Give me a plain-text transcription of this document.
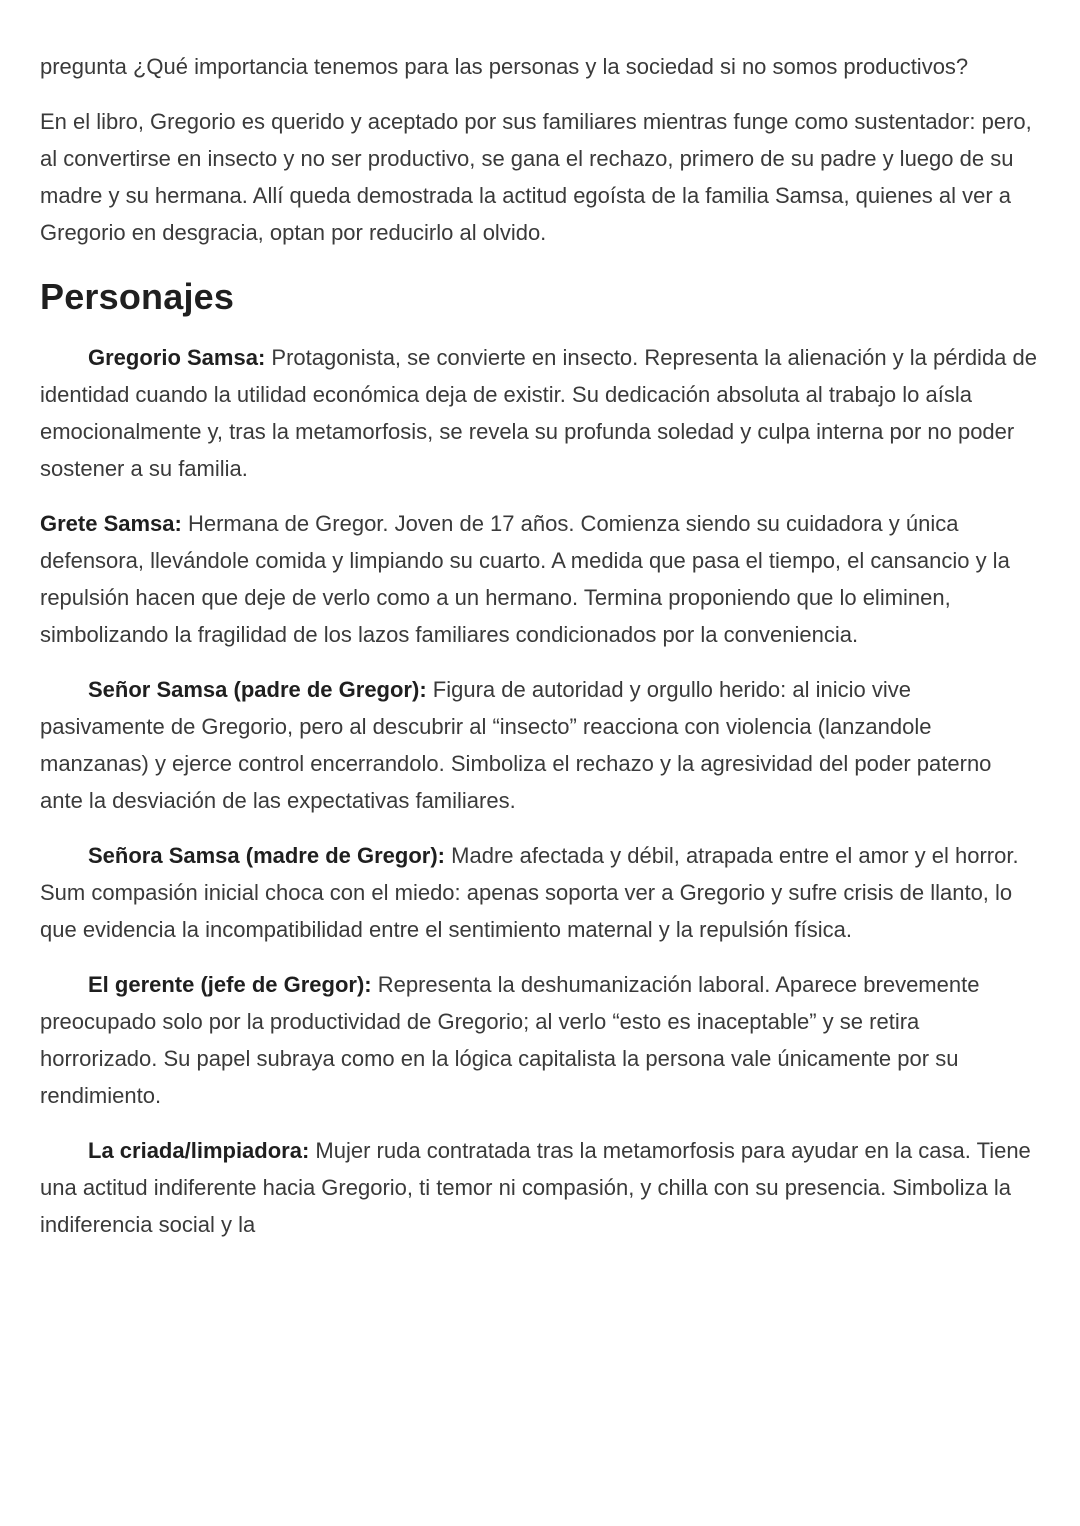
pregunta ¿Qué importancia tenemos para las personas y la sociedad si no somos productivos?

En el libro, Gregorio es querido y aceptado por sus familiares mientras funge como sustentador: pero, al convertirse en insecto y no ser productivo, se gana el rechazo, primero de su padre y luego de su madre y su hermana. Allí queda demostrada la actitud egoísta de la familia Samsa, quienes al ver a Gregorio en desgracia, optan por reducirlo al olvido.

Personajes

Gregorio Samsa: Protagonista, se convierte en insecto. Representa la alienación y la pérdida de identidad cuando la utilidad económica deja de existir. Su dedicación absoluta al trabajo lo aísla emocionalmente y, tras la metamorfosis, se revela su profunda soledad y culpa interna por no poder sostener a su familia.

Grete Samsa: Hermana de Gregor. Joven de 17 años. Comienza siendo su cuidadora y única defensora, llevándole comida y limpiando su cuarto. A medida que pasa el tiempo, el cansancio y la repulsión hacen que deje de verlo como a un hermano. Termina proponiendo que lo eliminen, simbolizando la fragilidad de los lazos familiares condicionados por la conveniencia.

Señor Samsa (padre de Gregor): Figura de autoridad y orgullo herido: al inicio vive pasivamente de Gregorio, pero al descubrir al “insecto” reacciona con violencia (lanzandole manzanas) y ejerce control encerrandolo. Simboliza el rechazo y la agresividad del poder paterno ante la desviación de las expectativas familiares.

Señora Samsa (madre de Gregor): Madre afectada y débil, atrapada entre el amor y el horror. Sum compasión inicial choca con el miedo: apenas soporta ver a Gregorio y sufre crisis de llanto, lo que evidencia la incompatibilidad entre el sentimiento maternal y la repulsión física.

El gerente (jefe de Gregor): Representa la deshumanización laboral. Aparece brevemente preocupado solo por la productividad de Gregorio; al verlo “esto es inaceptable” y se retira horrorizado. Su papel subraya como en la lógica capitalista la persona vale únicamente por su rendimiento.

La criada/limpiadora: Mujer ruda contratada tras la metamorfosis para ayudar en la casa. Tiene una actitud indiferente hacia Gregorio, ti temor ni compasión, y chilla con su presencia. Simboliza la indiferencia social y la
